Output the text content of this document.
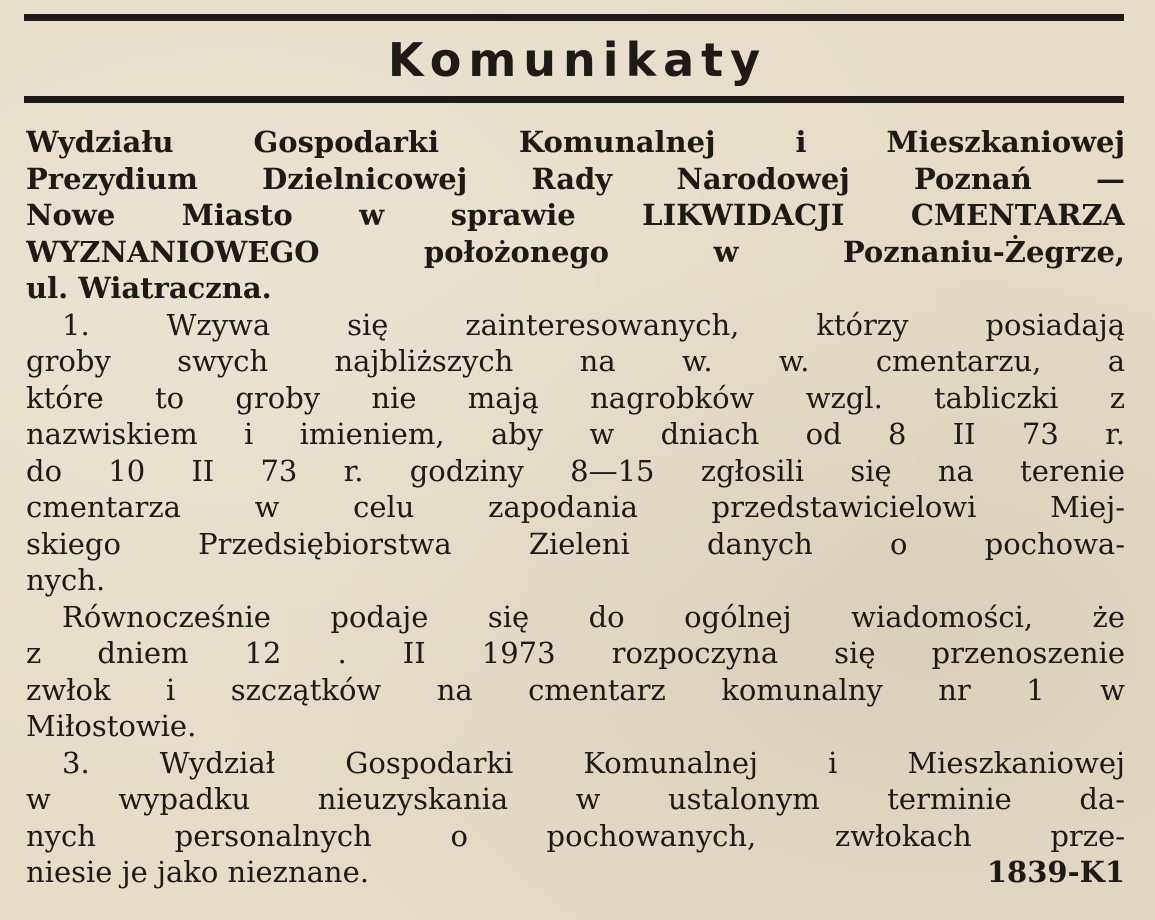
Komunikaty
Wydziału Gospodarki Komunalnej i Mieszkaniowej
Prezydium Dzielnicowej Rady Narodowej Poznań —
Nowe Miasto w sprawie LIKWIDACJI CMENTARZA
WYZNANIOWEGO położonego w Poznaniu-Żegrze,
ul. Wiatraczna.
1. Wzywa się zainteresowanych, którzy posiadają
groby swych najbliższych na w. w. cmentarzu, a
które to groby nie mają nagrobków wzgl. tabliczki z
nazwiskiem i imieniem, aby w dniach od 8 II 73 r.
do 10 II 73 r. godziny 8—15 zgłosili się na terenie
cmentarza w celu zapodania przedstawicielowi Miej-
skiego Przedsiębiorstwa Zieleni danych o pochowa-
nych.
Równocześnie podaje się do ogólnej wiadomości, że
z dniem 12 . II 1973 rozpoczyna się przenoszenie
zwłok i szczątków na cmentarz komunalny nr 1 w
Miłostowie.
3. Wydział Gospodarki Komunalnej i Mieszkaniowej
w wypadku nieuzyskania w ustalonym terminie da-
nych personalnych o pochowanych, zwłokach prze-
niesie je jako nieznane.	1839-K1
